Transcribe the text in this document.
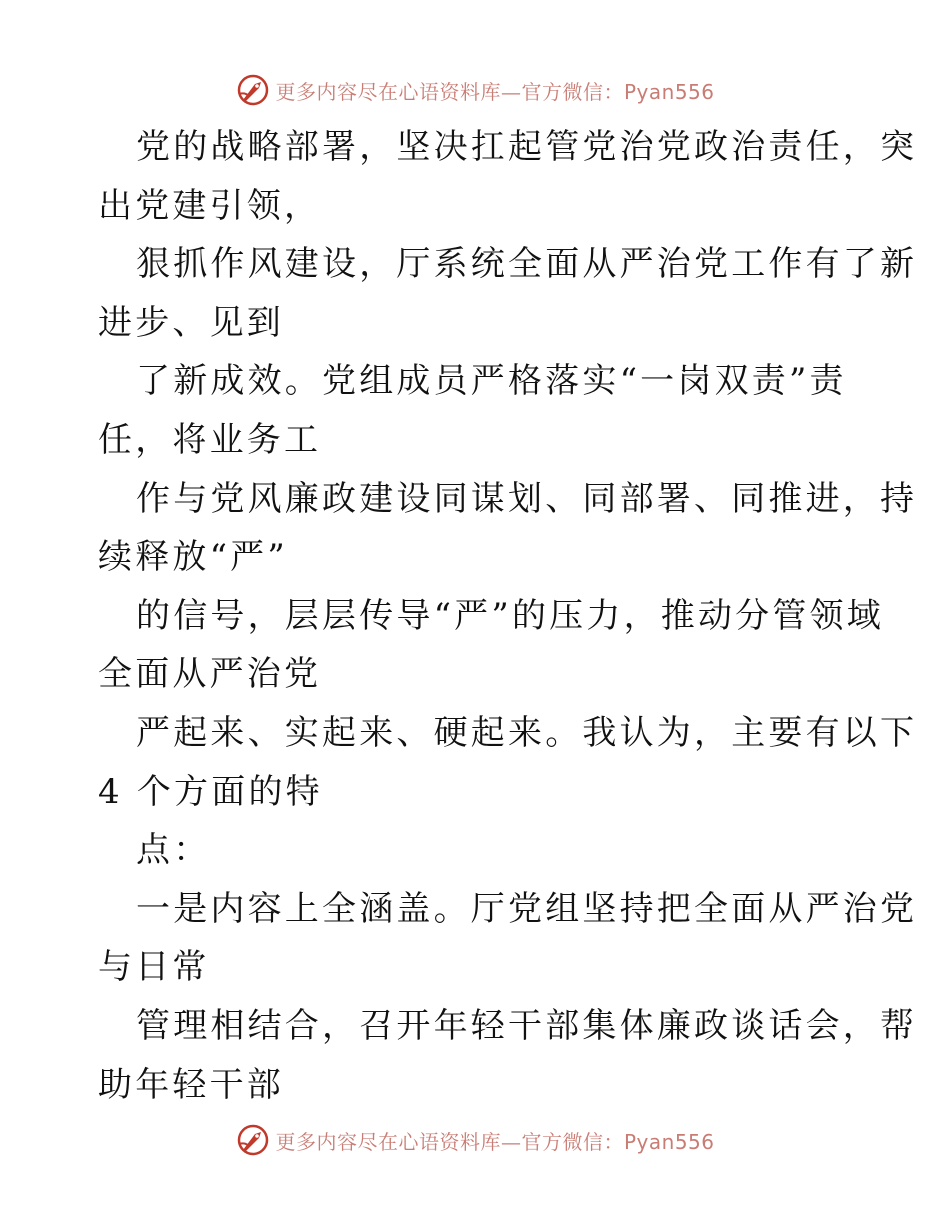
更多内容尽在心语资料库—官方微信：Pyan556
党的战略部署，坚决扛起管党治党政治责任，突
出党建引领，
狠抓作风建设，厅系统全面从严治党工作有了新
进步、见到
了新成效。党组成员严格落实“一岗双责”责
任，将业务工
作与党风廉政建设同谋划、同部署、同推进，持
续释放“严”
的信号，层层传导“严”的压力，推动分管领域
全面从严治党
严起来、实起来、硬起来。我认为，主要有以下
4 个方面的特
点：
一是内容上全涵盖。厅党组坚持把全面从严治党
与日常
管理相结合，召开年轻干部集体廉政谈话会，帮
助年轻干部
更多内容尽在心语资料库—官方微信：Pyan556
